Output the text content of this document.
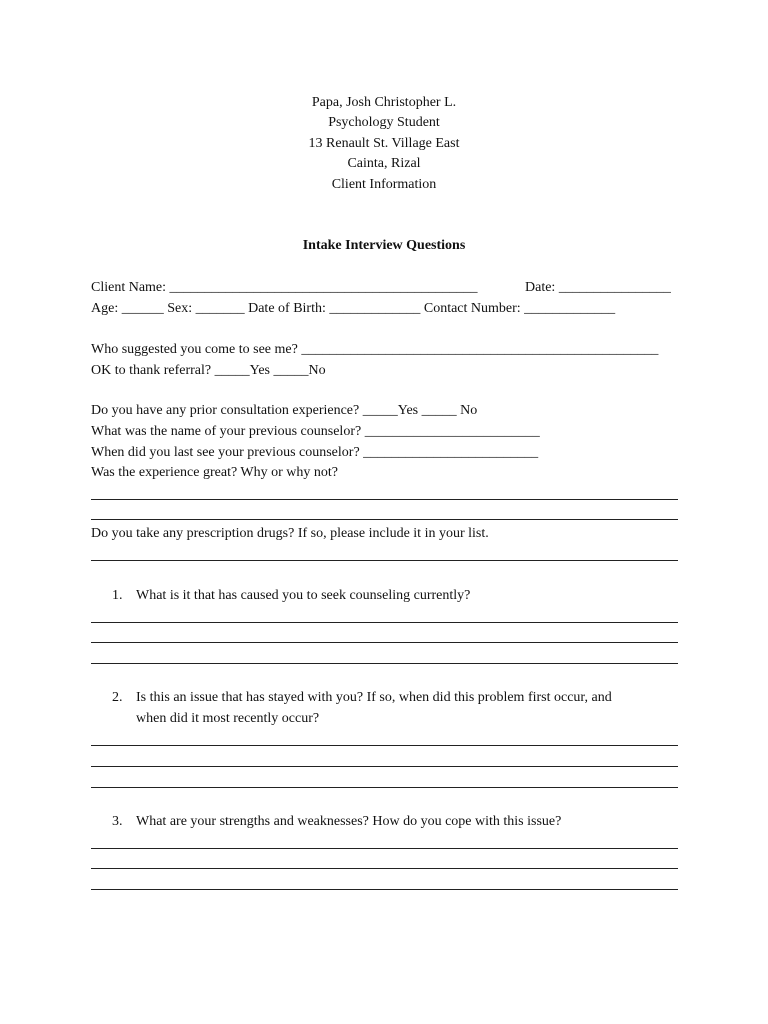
Papa, Josh Christopher L.
Psychology Student
13 Renault St. Village East
Cainta, Rizal
Client Information
Intake Interview Questions
Client Name: ____________________________________________	Date: ________________
Age: ______ Sex: _______ Date of Birth: _____________ Contact Number: _____________
Who suggested you come to see me? ___________________________________________________
OK to thank referral? _____Yes _____No
Do you have any prior consultation experience? _____Yes _____ No
What was the name of your previous counselor? _________________________
When did you last see your previous counselor? _________________________
Was the experience great? Why or why not?
Do you take any prescription drugs? If so, please include it in your list.
1. What is it that has caused you to seek counseling currently?
2. Is this an issue that has stayed with you? If so, when did this problem first occur, and
when did it most recently occur?
3. What are your strengths and weaknesses? How do you cope with this issue?
